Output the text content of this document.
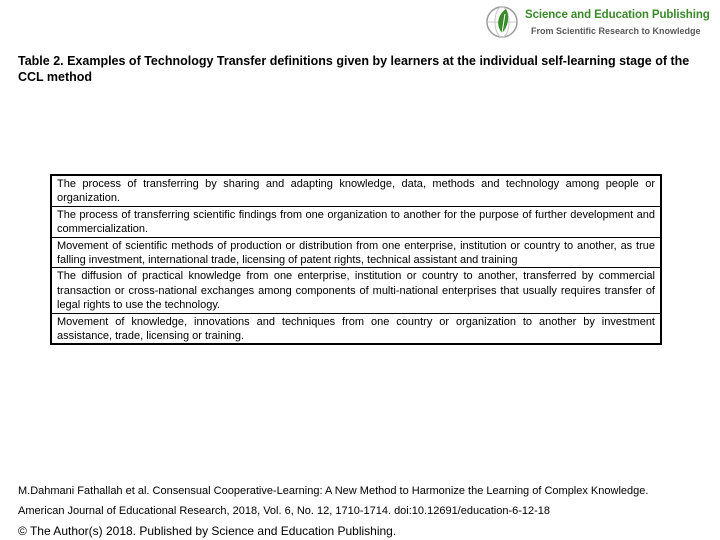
Science and Education Publishing
From Scientific Research to Knowledge
Table 2. Examples of Technology Transfer definitions given by learners at the individual self-learning stage of the CCL method
The process of transferring by sharing and adapting knowledge, data, methods and technology among people or organization.
The process of transferring scientific findings from one organization to another for the purpose of further development and commercialization.
Movement of scientific methods of production or distribution from one enterprise, institution or country to another, as true falling investment, international trade, licensing of patent rights, technical assistant and training
The diffusion of practical knowledge from one enterprise, institution or country to another, transferred by commercial transaction or cross-national exchanges among components of multi-national enterprises that usually requires transfer of legal rights to use the technology.
Movement of knowledge, innovations and techniques from one country or organization to another by investment assistance, trade, licensing or training.
M.Dahmani Fathallah et al. Consensual Cooperative-Learning: A New Method to Harmonize the Learning of Complex Knowledge.
American Journal of Educational Research, 2018, Vol. 6, No. 12, 1710-1714. doi:10.12691/education-6-12-18
© The Author(s) 2018. Published by Science and Education Publishing.
